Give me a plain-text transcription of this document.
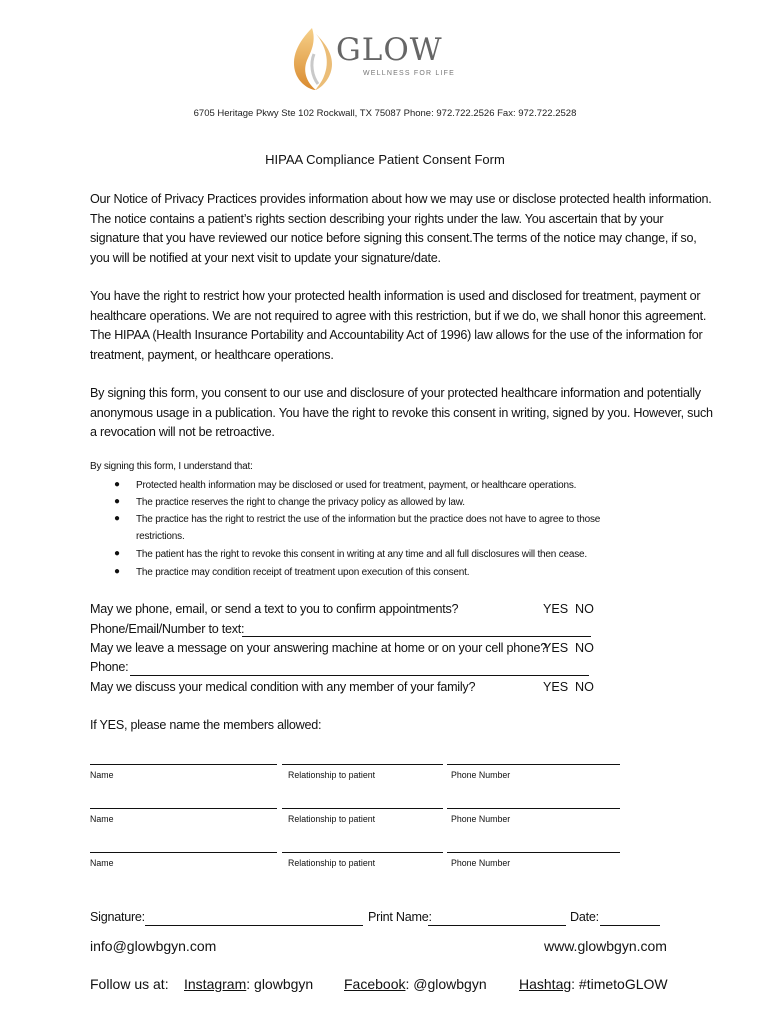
GLOW
WELLNESS FOR LIFE
6705 Heritage Pkwy Ste 102 Rockwall, TX 75087 Phone: 972.722.2526 Fax: 972.722.2528
HIPAA Compliance Patient Consent Form
Our Notice of Privacy Practices provides information about how we may use or disclose protected health information.
The notice contains a patient’s rights section describing your rights under the law. You ascertain that by your
signature that you have reviewed our notice before signing this consent.The terms of the notice may change, if so,
you will be notified at your next visit to update your signature/date.
You have the right to restrict how your protected health information is used and disclosed for treatment, payment or
healthcare operations. We are not required to agree with this restriction, but if we do, we shall honor this agreement.
The HIPAA (Health Insurance Portability and Accountability Act of 1996) law allows for the use of the information for
treatment, payment, or healthcare operations.
By signing this form, you consent to our use and disclosure of your protected healthcare information and potentially
anonymous usage in a publication. You have the right to revoke this consent in writing, signed by you. However, such
a revocation will not be retroactive.
By signing this form, I understand that:
● Protected health information may be disclosed or used for treatment, payment, or healthcare operations.
● The practice reserves the right to change the privacy policy as allowed by law.
● The practice has the right to restrict the use of the information but the practice does not have to agree to those
restrictions.
● The patient has the right to revoke this consent in writing at any time and all full disclosures will then cease.
● The practice may condition receipt of treatment upon execution of this consent.
May we phone, email, or send a text to you to confirm appointments?	YES NO
Phone/Email/Number to text:
May we leave a message on your answering machine at home or on your cell phone?
YES NO
Phone:
May we discuss your medical condition with any member of your family?	YES NO
If YES, please name the members allowed:
Name	Relationship to patient	Phone Number
Name	Relationship to patient	Phone Number
Name	Relationship to patient	Phone Number
Signature:	Print Name:	Date:
info@glowbgyn.com	www.glowbgyn.com
Follow us at: Instagram: glowbgyn Facebook: @glowbgyn Hashtag: #timetoGLOW
